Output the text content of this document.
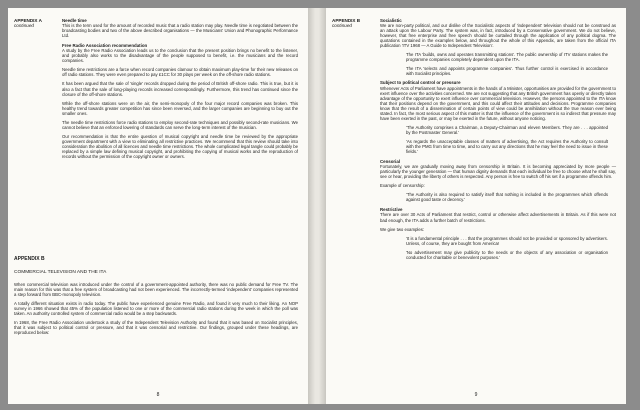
APPENDIX A
continued
Needle time

This is the term used for the amount of recorded music that a radio station may play. Needle time is negotiated between the broadcasting bodies and two of the above described organisations — the Musicians' Union and Phonographic Performance Ltd.

Free Radio Association recommendation

A study by the Free Radio Association leads us to the conclusion that the present position brings no benefit to the listener, and probably also works to the disadvantage of the people supposed to benefit, i.e. the musicians and the record companies.

Needle time restrictions are a farce when record companies clamour to obtain maximum play-time for their new releases on off radio stations. They were even prepared to pay £1CC for 30 plays per week on the off-shore radio stations.

It has been argued that the sale of 'single' records dropped during the period of British off-shore radio. This is true, but it is also a fact that the sale of long-playing records increased correspondingly. Furthermore, this trend has continued since the closure of the off-shore stations.

While the off-shore stations were on the air, the semi-monopoly of the four major record companies was broken. This healthy trend towards greater competition has since been reversed, and the larger companies are beginning to buy out the smaller ones.

The needle time restrictions force radio stations to employ second-rate techniques and possibly second-rate musicians. We cannot believe that an enforced lowering of standards can serve the long-term interest of the musician.

Our recommendation is that the entire question of musical copyright and needle time be reviewed by the appropriate government department with a view to eliminating all restrictive practices. We recommend that this review should take into consideration the abolition of all licences and needle time restrictions. The whole complicated legal tangle could probably be replaced by a simple law defining musical copyright, and prohibiting the copying of musical works and the reproduction of records without the permission of the copyright owner or owners.

APPENDIX B
COMMERCIAL TELEVISION AND THE ITA

When commercial television was introduced under the control of a government-appointed authority, there was no public demand for Free TV. The main reason for this was that a free system of broadcasting had not been experienced. The incorrectly-termed 'independent' companies represented a step forward from BBC-monopoly television.

A totally different situation exists in radio today. The public have experienced genuine Free Radio, and found it very much to their liking. An NOP survey in 1966 showed that 45% of the population listened to one or more of the commercial radio stations during the week in which the poll was taken. An authority controlled system of commercial radio would be a step backwards.

In 1968, the Free Radio Association undertook a study of the Independent Television Authority and found that it was based on Socialist principles, that it was subject to political control or pressure, and that it was censorial and restrictive. Our findings, grouped under these headings, are reproduced below:

8
APPENDIX B
continued
Socialistic

We are non-party political, and our dislike of the Socialistic aspects of 'independent' television should not be construed as an attack upon the Labour Party. The system was, in fact, introduced by a Conservative government. We do not believe, however, that free enterprise and free speech should be curtailed through the application of any political dogma. The quotations contained in the examples below, and throughout the whole of this Appendix, are taken from the official ITA publication 'ITV 1968 — A Guide to Independent Television'.

The ITA 'builds, owns and operates transmitting stations'. The public ownership of ITV stations makes the programme companies completely dependent upon the ITA.

The ITA 'selects and appoints programme companies'. Thus further control is exercised in accordance with Socialist principles.

Subject to political control or pressure

Whenever Acts of Parliament have appointments in the hands of a Minister, opportunities are provided for the government to exert influence over the activities concerned. We are not suggesting that any British government has openly or directly taken advantage of the opportunity to exert influence over commercial television. However, the persons appointed to the ITA know that their positions depend on the government, and this could affect their attitudes and decisions. Programme companies know that the result of a dissemination of certain points of view could be annihilation without the true reason ever being stated. In fact, the most serious aspect of this matter is that the influence of the government is so indirect that pressure may have been exerted in the past, or may be exerted in the future, without anyone noticing.

'The Authority comprises a Chairman, a Deputy-Chairman and eleven Members. They are . . . appointed by the Postmaster General.'

'As regards the unacceptable classes of matters of advertising, the Act requires the Authority to consult with the PMG from time to time, and to carry out any directions that he may feel the need to issue in these fields.'

Censorial

Fortunately, we are gradually moving away from censorship in Britain. It is becoming appreciated by more people — particularly the younger generation — that human dignity demands that each individual be free to choose what he shall say, see or hear, providing the liberty of others is respected. Any person is free to switch off his set if a programme offends him.

Example of censorship:

'The Authority is also required to satisfy itself that nothing is included in the programmes which offends against good taste or decency.'

Restrictive

There are over 30 Acts of Parliament that restrict, control or otherwise affect advertisements in Britain. As if this were not bad enough, the ITA adds a further batch of restrictions.

We give two examples:

'It is a fundamental principle . . . that the programmes should not be provided or sponsored by advertisers. Unless, of course, they are bought from America!

'No advertisement may give publicity to the needs or the objects of any association or organisation conducted for charitable or benevolent purposes.'

9
